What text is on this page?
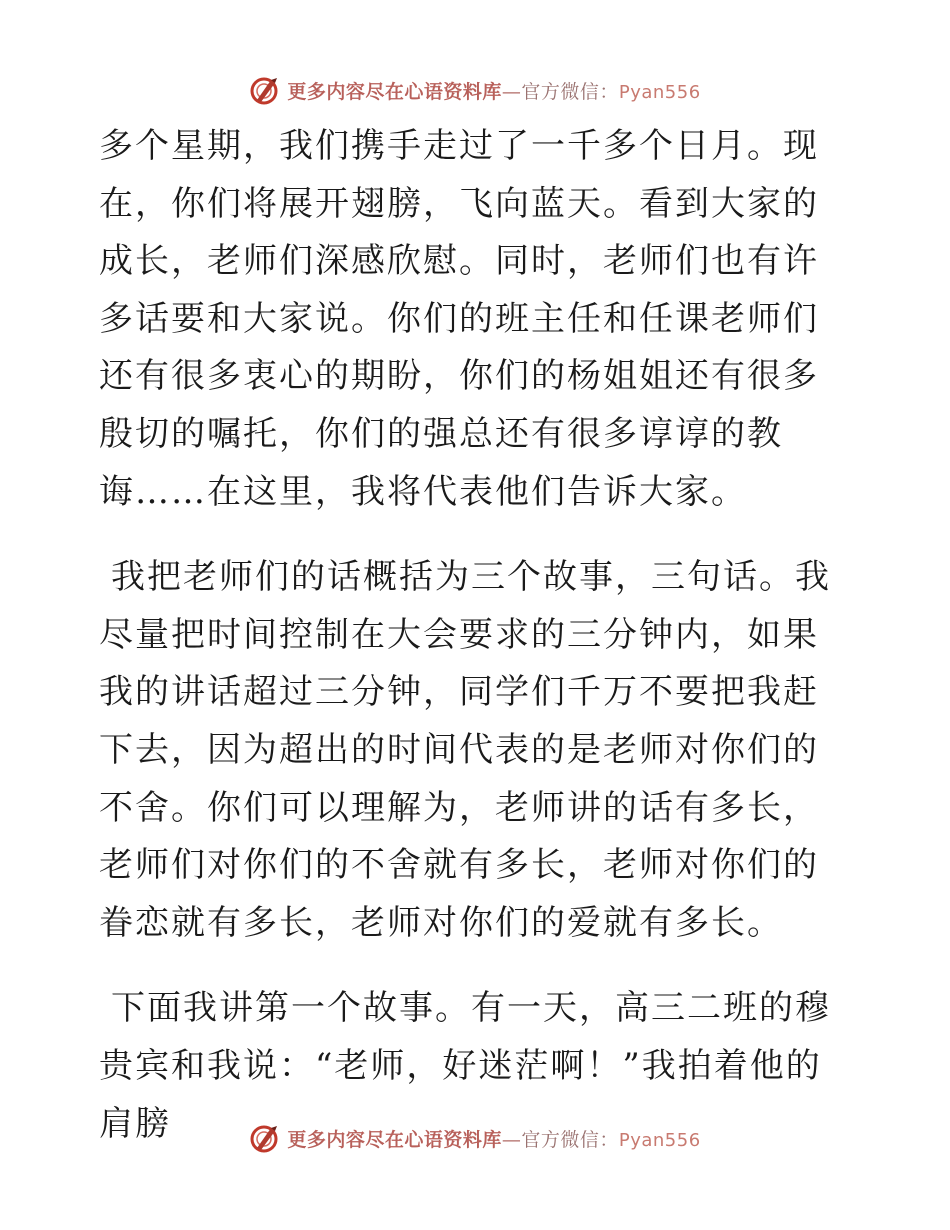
更多内容尽在心语资料库—官方微信：Pyan556

多个星期，我们携手走过了一千多个日月。现在，你们将展开翅膀，飞向蓝天。看到大家的成长，老师们深感欣慰。同时，老师们也有许多话要和大家说。你们的班主任和任课老师们还有很多衷心的期盼，你们的杨姐姐还有很多殷切的嘱托，你们的强总还有很多谆谆的教诲……在这里，我将代表他们告诉大家。

我把老师们的话概括为三个故事，三句话。我尽量把时间控制在大会要求的三分钟内，如果我的讲话超过三分钟，同学们千万不要把我赶下去，因为超出的时间代表的是老师对你们的不舍。你们可以理解为，老师讲的话有多长，老师们对你们的不舍就有多长，老师对你们的眷恋就有多长，老师对你们的爱就有多长。

下面我讲第一个故事。有一天，高三二班的穆贵宾和我说：“老师，好迷茫啊！”我拍着他的肩膀	更多内容尽在心语资料库—官方微信：Pyan556
